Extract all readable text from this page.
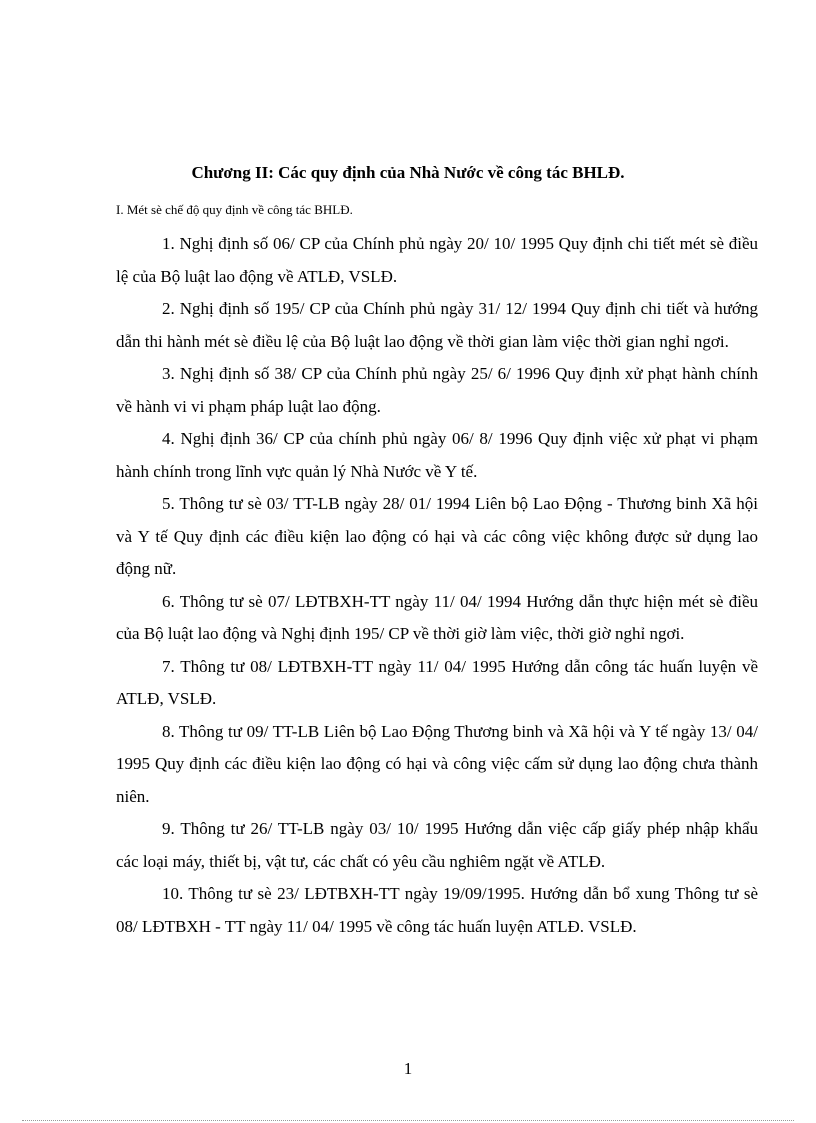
Chương II: Các quy định của Nhà Nước về công tác BHLĐ.
I. Mét sè chế độ quy định về công tác BHLĐ.

1. Nghị định số 06/ CP của Chính phủ ngày 20/ 10/ 1995 Quy định chi tiết mét sè điều lệ của Bộ luật lao động về ATLĐ, VSLĐ.

2. Nghị định số 195/ CP của Chính phủ ngày 31/ 12/ 1994 Quy định chi tiết và hướng dẫn thi hành mét sè điều lệ của Bộ luật lao động về thời gian làm việc thời gian nghỉ ngơi.

3. Nghị định số 38/ CP của Chính phủ ngày 25/ 6/ 1996 Quy định xử phạt hành chính về hành vi vi phạm pháp luật lao động.

4. Nghị định 36/ CP của chính phủ ngày 06/ 8/ 1996 Quy định việc xử phạt vi phạm hành chính trong lĩnh vực quản lý Nhà Nước về Y tế.

5. Thông tư sè 03/ TT-LB ngày 28/ 01/ 1994 Liên bộ Lao Động - Thương binh Xã hội và Y tế Quy định các điều kiện lao động có hại và các công việc không được sử dụng lao động nữ.

6. Thông tư sè 07/ LĐTBXH-TT ngày 11/ 04/ 1994 Hướng dẫn thực hiện mét sè điều của Bộ luật lao động và Nghị định 195/ CP về thời giờ làm việc, thời giờ nghỉ ngơi.

7. Thông tư 08/ LĐTBXH-TT ngày 11/ 04/ 1995 Hướng dẫn công tác huấn luyện về ATLĐ, VSLĐ.

8. Thông tư 09/ TT-LB Liên bộ Lao Động Thương binh và Xã hội và Y tế ngày 13/ 04/ 1995 Quy định các điều kiện lao động có hại và công việc cấm sử dụng lao động chưa thành niên.

9. Thông tư 26/ TT-LB ngày 03/ 10/ 1995 Hướng dẫn việc cấp giấy phép nhập khẩu các loại máy, thiết bị, vật tư, các chất có yêu cầu nghiêm ngặt về ATLĐ.

10. Thông tư sè 23/ LĐTBXH-TT ngày 19/09/1995. Hướng dẫn bổ xung Thông tư sè 08/ LĐTBXH - TT ngày 11/ 04/ 1995 về công tác huấn luyện ATLĐ. VSLĐ.

1
